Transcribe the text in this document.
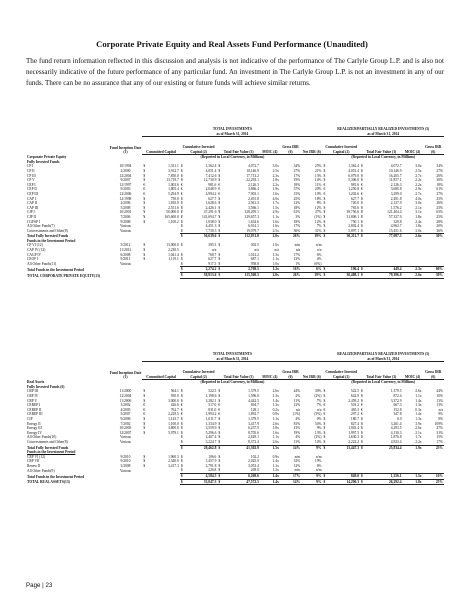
Corporate Private Equity and Real Assets Fund Performance (Unaudited)
The fund return information reflected in this discussion and analysis is not indicative of the performance of The Carlyle Group L.P. and is also not necessarily indicative of the future performance of any particular fund. An investment in The Carlyle Group L.P. is not an investment in any of our funds. There can be no assurance that any of our existing or future funds will achieve similar returns.
		TOTAL INVESTMENTS									REALIZED/PARTIALLY REALIZED INVESTMENTS (5)					
		as of March 31, 2014									as of March 31, 2014					
	Fund Inception Date (1)	Committed Capital		Cumulative Invested Capital (2)		Total Fair Value (3)		MOIC (4)	Gross IRR (6)	Net IRR (6)	Cumulative Invested Capital (2)		Total Fair Value (3)		MOIC (4)	Gross IRR (6)
Corporate Private Equity		(Reported in Local Currency, in Millions)									(Reported in Local Currency, in Millions)					
Fully Invested Funds																
CP I	10/1994	$	1,331.1	$	1,362.4	$	4,072.7	3.0x	34%	25%	$	1,362.4	$	4,072.7	3.0x	34%
CP II	2/2000	$	3,912.7	$	4,051.4	$	10,146.9	2.5x	27%	21%	$	4,051.4	$	10,146.9	2.5x	27%
CP III	12/2004	$	7,850.0	$	7,412.6	$	17,713.2	2.3x	17%	13%	$	6,079.0	$	16,265.7	2.7x	20%
CP V	9/2007	$	13,719.7	$	12,730.9	$	22,293.1	1.8x	19%	14%	$	5,306.0	$	11,857.1	2.2x	30%
CEP I	12/1997	€	1,003.6	€	981.6	€	2,126.3	2.2x	18%	11%	€	981.6	€	2,126.3	2.2x	18%
CEP II	9/2003	€	1,805.4	€	2,048.9	€	3,866.4	1.9x	37%	20%	€	1,250.8	€	3,680.8	2.9x	61%
CEP III	12/2006	€	5,294.9	€	4,994.2	€	7,903.1	1.6x	15%	10%	€	1,202.6	€	3,299.0	2.7x	27%
CAP I	12/1998	$	750.0	$	627.7	$	2,491.8	4.0x	25%	18%	$	627.7	$	2,491.8	4.0x	25%
CAP II	2/2006	$	1,810.0	$	1,628.6	$	2,941.3	1.7x	12%	8%	$	720.0	$	2,127.9	3.0x	26%
CAP III	5/2008	$	2,551.6	$	2,426.1	$	3,566.1	1.5x	18%	12%	$	765.6	$	1,576.2	2.1x	25%
CJP I	10/2001	¥	50,000.0	¥	47,291.6	¥	128,295.1	2.9x	61%	37%	¥	39,756.6	¥	121,404.4	3.1x	65%
CJP II	7/2006	¥	165,600.0	¥	141,694.7	¥	129,657.3	1.1x	3%	(1%)	¥	31,806.1	¥	57,337.9	1.8x	25%
CGFSP I	9/2008	$	1,100.2	$	1,038.0	$	1,634.6	1.6x	18%	12%	$	750.1	$	329.8	2.4x	28%
All Other Funds(7)	Various			$	4,451.3	$	6,914.1	1.6x	17%	7%	$	2,802.4	$	4,962.7	1.8x	20%
Coinvestments and Other(8)	Various			$	7,730.5	$	19,079.7	2.5x	36%	31%	$	5,097.1	$	15,451.6	3.0x	36%
Total Fully Invested Funds				$	56,639.6	$	112,931.8	2.0x	26%	19%	$	30,211.7	$	77,097.3	2.6x	30%
Funds in the Investment Period																
CP VI (12)	5/2012	$	13,000.0	$	395.3	$	302.5	1.0x	n/m	n/m						
CAP IV (12)	11/2012	$	2,230.5		n/a		n/a	n/a	n/a	n/a						
CAGP IV	6/2008	$	1,041.4	$	768.7	$	1,012.2	1.3x	17%	6%						
CEOF I	9/2011	$	1,119.1	$	627.7	$	687.1	1.1x	13%	4%						
All Other Funds(11)	Various			$	917.5	$	958.8	1.0x	1%	(6%)						
Total Funds in the Investment Period				$	2,274.2	$	2,769.5	1.2x	16%	6%	$	196.4	$	449.4	2.3x	60%
TOTAL CORPORATE PRIVATE EQUITY(13)				$	58,913.6	$	115,560.5	2.0x	26%	19%	$	30,408.1	$	79,396.9	2.6x	30%
		TOTAL INVESTMENTS									REALIZED/PARTIALLY REALIZED INVESTMENTS (5)					
		as of March 31, 2014									as of March 31, 2014					
	Fund Inception Date (1)	Committed Capital		Cumulative Invested Capital (2)		Total Fair Value (3)		MOIC (4)	Gross IRR (6)	Net IRR (6)	Cumulative Invested Capital (2)		Total Fair Value (3)		MOIC (4)	Gross IRR (6)
Real Assets		(Reported in Local Currency, in Millions)									(Reported in Local Currency, in Millions)					
Fully Invested Funds (6)																
CRP III	11/2000	$	564.1	$	522.5	$	1,379.5	2.6x	44%	30%	$	522.5	$	1,379.5	2.6x	44%
CRP IV	12/2004	$	950.0	$	1,198.6	$	1,596.0	1.3x	2%	(2%)	$	642.9	$	872.4	1.1x	10%
CRP V	11/2006	$	3,000.0	$	3,282.1	$	4,442.5	1.4x	11%	7%	$	2,459.2	$	3,372.9	1.4x	13%
CEREP I	3/2002	€	426.6	€	517.0	€	694.7	1.3x	12%	7%	€	501.2	€	667.3	1.3x	13%
CEREP II	4/2005	€	762.7	€	831.0	€	128.1	0.2x	n/a	n/a	€	465.3	€	152.8	0.3x	n/a
CEREP III	5/2007	€	2,229.5	€	1,994.2	€	1,892.7	0.9x	(1%)	(5%)	€	297.2	€	347.8	1.4x	9%
CIP	9/2006	$	1,143.7	$	1,011.7	$	1,379.5	1.1x	4%	0%	$	180.7	$	0.0	1.3x	9%
Energy II	7/2002	$	1,100.0	$	1,334.9	$	3,417.9	2.6x	81%	54%	$	827.4	$	3,261.4	3.9x	109%
Energy III	10/2005	$	3,800.0	$	3,559.9	$	6,237.9	1.8x	13%	9%	$	1,945.4	$	4,293.5	2.6x	27%
Energy IV	12/2007	$	5,979.1	$	5,296.6	$	8,705.6	1.6x	19%	13%	$	1,997.5	$	4,130.3	2.1x	31%
All Other Funds(10)	Various			$	2,407.4	$	2,629.1	1.1x	4%	(2%)	$	1,630.3	$	1,876.8	1.7x	15%
Coinvestments and Other(8)	Various			$	3,224.7	$	8,372.4	2.6x	13%	14%	$	2,222.2	$	4,923.4	2.2x	17%
Total Fully Invested Funds				$	28,462.8	$	41,302.9	1.5x	14%	9%	$	13,447.3	$	25,834.4	1.9x	25%
Funds in the Investment Period																
CRP VI (12)	9/2010	$	1,960.3	$	106.6	$	102.2	0.9x	n/m	n/m						
CRP VII	9/2010	$	2,340.0	$	1,457.9	$	2,025.0	1.4x	32%	19%						
Renew II	3/2008	$	3,417.3	$	2,791.8	$	3,053.4	1.1x	12%	6%						
All Other Funds(9)	Various			$	226.8	$	269.0	1.2x	n/m	n/m						
Total Funds in the Investment Period				$	4,584.5	$	6,269.6	1.4x	17%	9%	$	849.0	$	1,256.1	1.5x	16%
TOTAL REAL ASSETS(13)				$	33,047.3	$	47,572.5	1.4x	14%	9%	$	14,296.3	$	26,292.4	1.8x	25%
Page | 23
